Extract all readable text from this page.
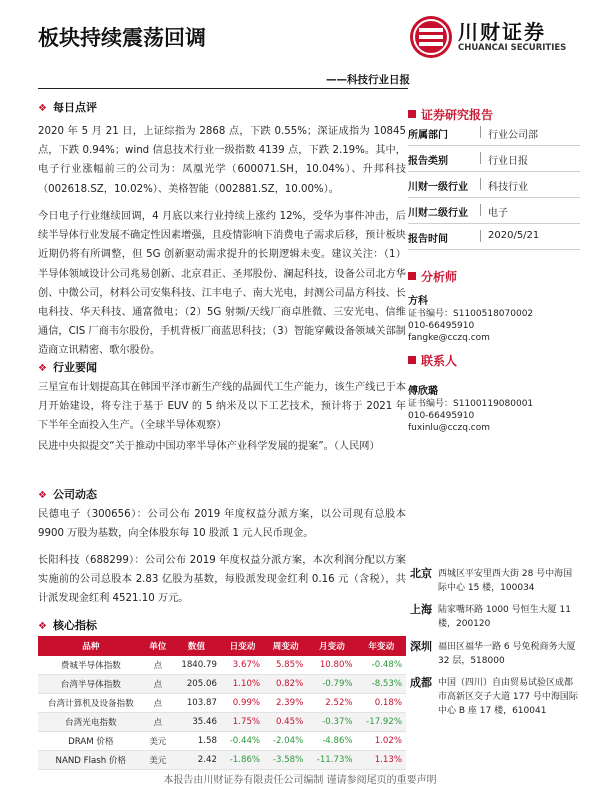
板块持续震荡回调	川财证券
CHUANCAI SECURITIES
——科技行业日报
❖ 每日点评
2020 年 5 月 21 日，上证综指为 2868 点，下跌 0.55%；深证成指为 10845 点，下跌 0.94%；wind 信息技术行业一级指数 4139 点，下跌 2.19%。其中，电子行业涨幅前三的公司为：凤凰光学（600071.SH，10.04%）、升邦科技（002618.SZ，10.02%）、美格智能（002881.SZ，10.00%）。
今日电子行业继续回调，4 月底以来行业持续上涨约 12%，受华为事件冲击，后续半导体行业发展不确定性因素增强，且疫情影响下消费电子需求后移，预计板块近期仍将有所调整，但 5G 创新驱动需求提升的长期逻辑未变。建议关注：（1）半导体领域设计公司兆易创新、北京君正、圣邦股份、澜起科技，设备公司北方华创、中微公司，材料公司安集科技、江丰电子、南大光电，封测公司晶方科技、长电科技、华天科技、通富微电；（2）5G 射频/天线厂商卓胜微、三安光电、信维通信，CIS 厂商韦尔股份，手机背板厂商蓝思科技；（3）智能穿戴设备领域关部制造商立讯精密、歌尔股份。
❖ 行业要闻
三星宣布计划提高其在韩国平泽市新生产线的晶圆代工生产能力，该生产线已于本月开始建设，将专注于基于 EUV 的 5 纳米及以下工艺技术，预计将于 2021 年下半年全面投入生产。（全球半导体观察）
民进中央拟提交“关于推动中国功率半导体产业科学发展的提案”。（人民网）
❖ 公司动态
民德电子（300656）：公司公布 2019 年度权益分派方案，以公司现有总股本 9900 万股为基数，向全体股东每 10 股派 1 元人民币现金。
长阳科技（688299）：公司公布 2019 年度权益分派方案，本次利润分配以方案实施前的公司总股本 2.83 亿股为基数，每股派发现金红利 0.16 元（含税），共计派发现金红利 4521.10 万元。
❖ 核心指标
品种	单位	数值	日变动	周变动	月变动	年变动
费城半导体指数	点	1840.79	3.67%	5.85%	10.80%	-0.48%
台湾半导体指数	点	205.06	1.10%	0.82%	-0.79%	-8.53%
台湾计算机及设备指数	点	103.87	0.99%	2.39%	2.52%	0.18%
台湾光电指数	点	35.46	1.75%	0.45%	-0.37%	-17.92%
DRAM 价格	美元	1.58	-0.44%	-2.04%	-4.86%	1.02%
NAND Flash 价格	美元	2.42	-1.86%	-3.58%	-11.73%	1.13%
证券研究报告
所属部门	行业公司部
报告类别	行业日报
川财一级行业 科技行业
川财二级行业 电子
报告时间	2020/5/21
分析师
方科
证书编号：S1100518070002
010-66495910
fangke@cczq.com
联系人
傅欣璐
证书编号：S1100119080001
010-66495910
fuxinlu@cczq.com
北京 西城区平安里西大街 28 号中海国际中心 15 楼，100034
上海 陆家嘴环路 1000 号恒生大厦 11 楼，200120
深圳 福田区福华一路 6 号免税商务大厦 32 层，518000
成都 中国（四川）自由贸易试验区成都市高新区交子大道 177 号中海国际中心 B 座 17 楼，610041
本报告由川财证券有限责任公司编制 谨请参阅尾页的重要声明
